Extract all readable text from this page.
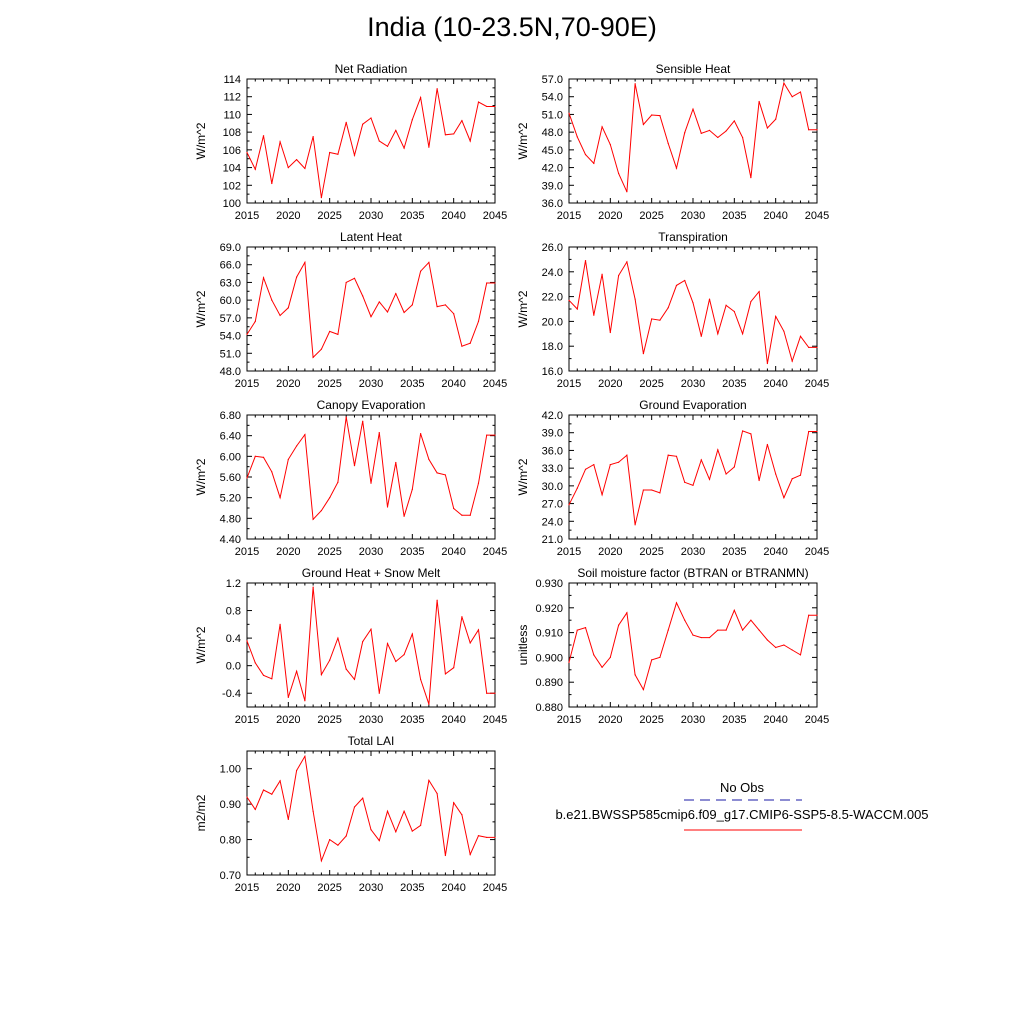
India (10-23.5N,70-90E)
Net Radiation
W/m^2
2015 2020 2025 2030 2035 2040 2045
100
102
104
106
108
110
112
114
Sensible Heat
W/m^2
2015 2020 2025 2030 2035 2040 2045
36.0
39.0
42.0
45.0
48.0
51.0
54.0
57.0
Latent Heat
W/m^2
2015 2020 2025 2030 2035 2040 2045
48.0
51.0
54.0
57.0
60.0
63.0
66.0
69.0
Transpiration
W/m^2
2015 2020 2025 2030 2035 2040 2045
16.0
18.0
20.0
22.0
24.0
26.0
Canopy Evaporation
W/m^2
2015 2020 2025 2030 2035 2040 2045
4.40
4.80
5.20
5.60
6.00
6.40
6.80
Ground Evaporation
W/m^2
2015 2020 2025 2030 2035 2040 2045
21.0
24.0
27.0
30.0
33.0
36.0
39.0
42.0
Ground Heat + Snow Melt
W/m^2
2015 2020 2025 2030 2035 2040 2045
-0.4
0.0
0.4
0.8
1.2
Soil moisture factor (BTRAN or BTRANMN)
unitless
2015 2020 2025 2030 2035 2040 2045
0.880
0.890
0.900
0.910
0.920
0.930
Total LAI
m2/m2
2015 2020 2025 2030 2035 2040 2045
0.70
0.80
0.90
1.00
No Obs
b.e21.BWSSP585cmip6.f09_g17.CMIP6-SSP5-8.5-WACCM.005
